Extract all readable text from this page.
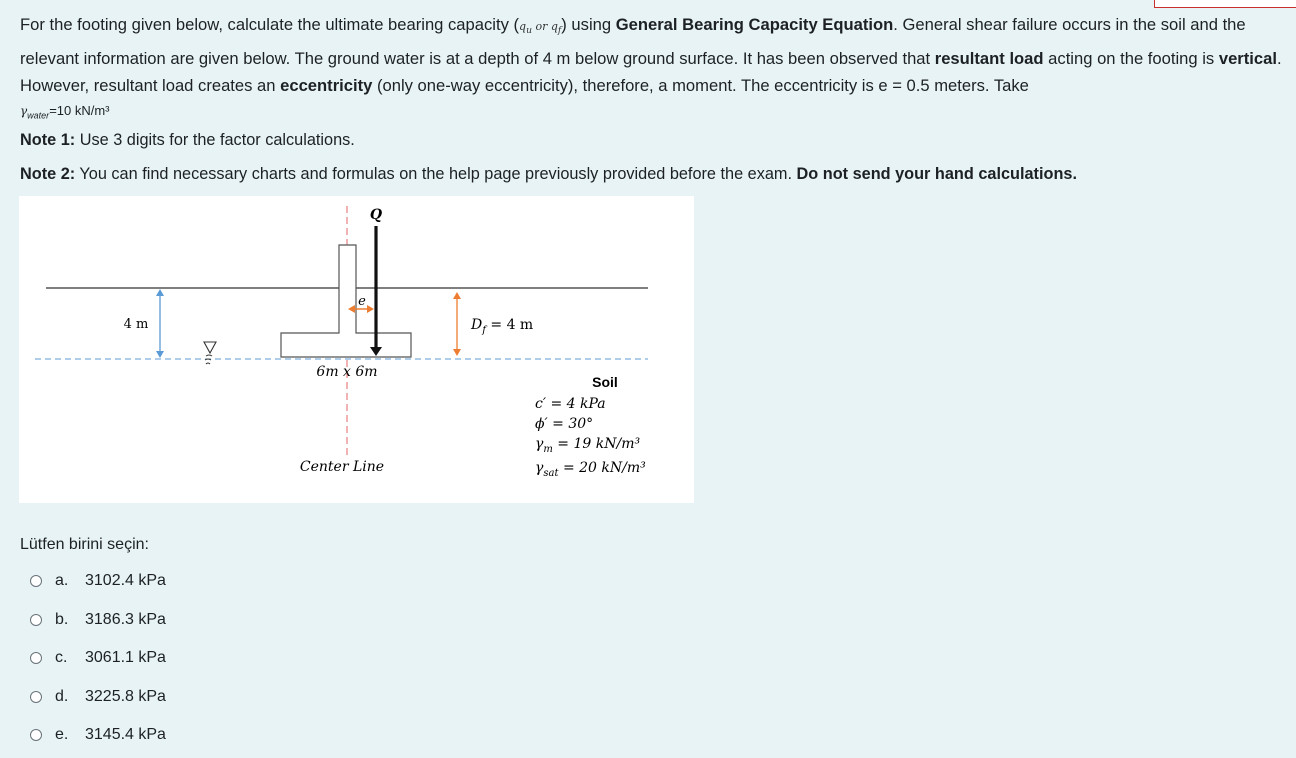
For the footing given below, calculate the ultimate bearing capacity ($q_u$ or $q_f$) using General Bearing Capacity Equation. General shear failure occurs in the soil and the relevant information are given below. The ground water is at a depth of 4 m below ground surface. It has been observed that resultant load acting on the footing is vertical. However, resultant load creates an eccentricity (only one-way eccentricity), therefore, a moment. The eccentricity is e = 0.5 meters. Take

$\gamma_{water}=10$ kN/m³

Note 1: Use 3 digits for the factor calculations.

Note 2: You can find necessary charts and formulas on the help page previously provided before the exam. Do not send your hand calculations.

Q
e
4 m	$D_f = 4$ m
6m x 6m
Center Line
Soil
c′ = 4 kPa
ϕ′ = 30°
$\gamma_m = 19$ kN/m³
$\gamma_{sat} = 20$ kN/m³
Lütfen birini seçin:
a.	3102.4 kPa
b.	3186.3 kPa
c.	3061.1 kPa
d.	3225.8 kPa
e.	3145.4 kPa
